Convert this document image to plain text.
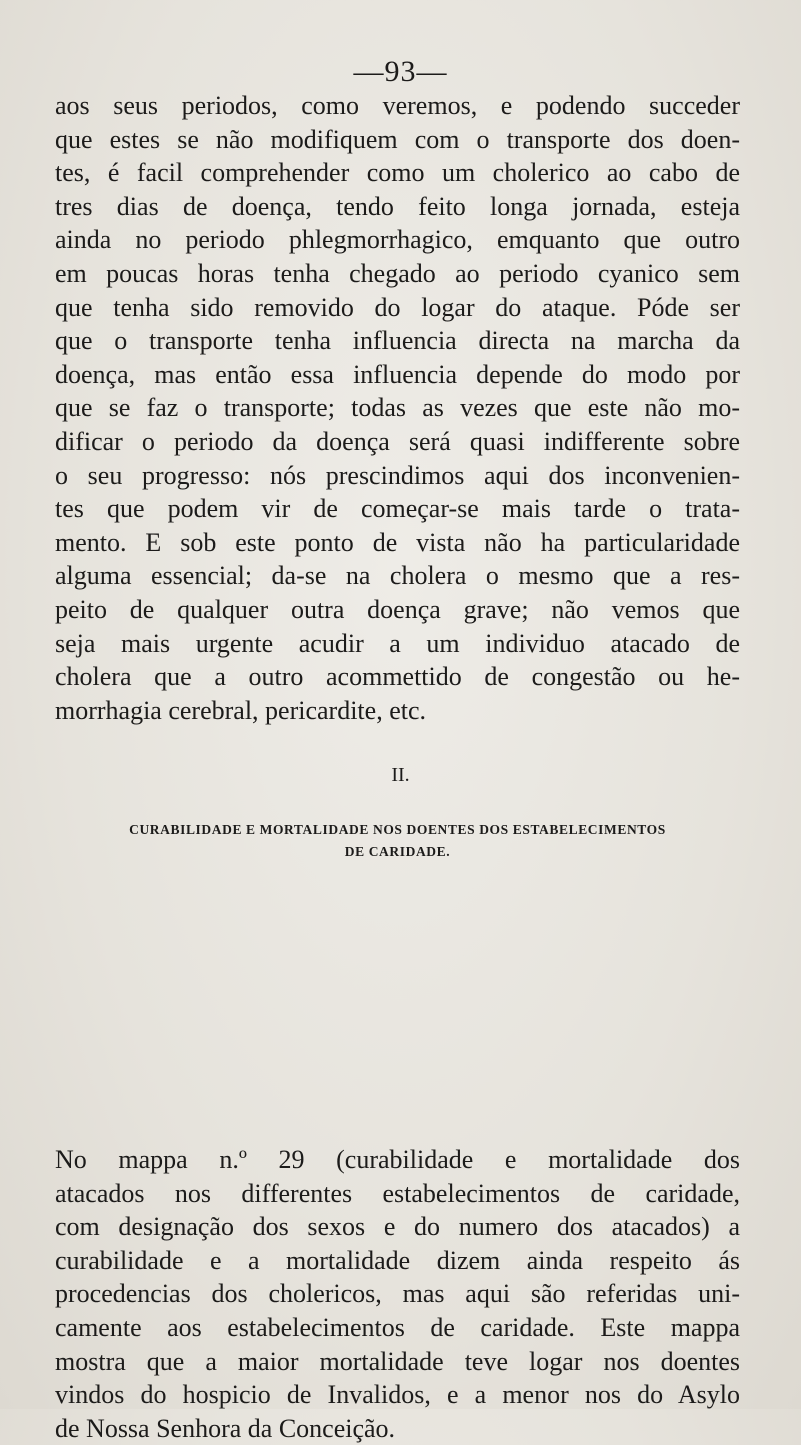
—93—

aos seus periodos, como veremos, e podendo succeder
que estes se não modifiquem com o transporte dos doen-
tes, é facil comprehender como um cholerico ao cabo de
tres dias de doença, tendo feito longa jornada, esteja
ainda no periodo phlegmorrhagico, emquanto que outro
em poucas horas tenha chegado ao periodo cyanico sem
que tenha sido removido do logar do ataque. Póde ser
que o transporte tenha influencia directa na marcha da
doença, mas então essa influencia depende do modo por
que se faz o transporte; todas as vezes que este não mo-
dificar o periodo da doença será quasi indifferente sobre
o seu progresso: nós prescindimos aqui dos inconvenien-
tes que podem vir de começar-se mais tarde o trata-
mento. E sob este ponto de vista não ha particularidade
alguma essencial; da-se na cholera o mesmo que a res-
peito de qualquer outra doença grave; não vemos que
seja mais urgente acudir a um individuo atacado de
cholera que a outro acommettido de congestão ou he-
morrhagia cerebral, pericardite, etc.

II.
CURABILIDADE E MORTALIDADE NOS DOENTES DOS ESTABELECIMENTOS
DE CARIDADE.

No mappa n.º 29 (curabilidade e mortalidade dos
atacados nos differentes estabelecimentos de caridade,
com designação dos sexos e do numero dos atacados) a
curabilidade e a mortalidade dizem ainda respeito ás
procedencias dos cholericos, mas aqui são referidas uni-
camente aos estabelecimentos de caridade. Este mappa
mostra que a maior mortalidade teve logar nos doentes
vindos do hospicio de Invalidos, e a menor nos do Asylo
de Nossa Senhora da Conceição.
